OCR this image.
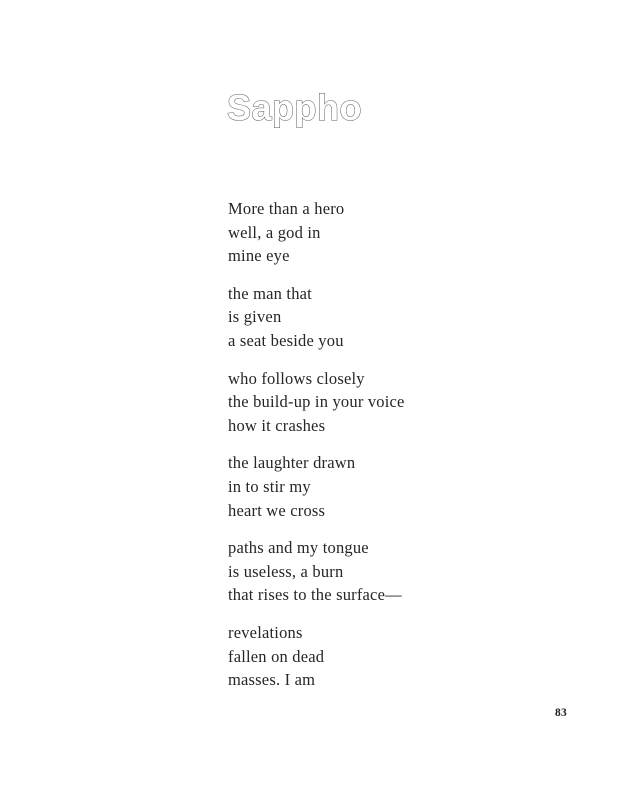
Sappho
More than a hero
well, a god in
mine eye
the man that
is given
a seat beside you
who follows closely
the build-up in your voice
how it crashes
the laughter drawn
in to stir my
heart we cross
paths and my tongue
is useless, a burn
that rises to the surface—
revelations
fallen on dead
masses. I am
83
